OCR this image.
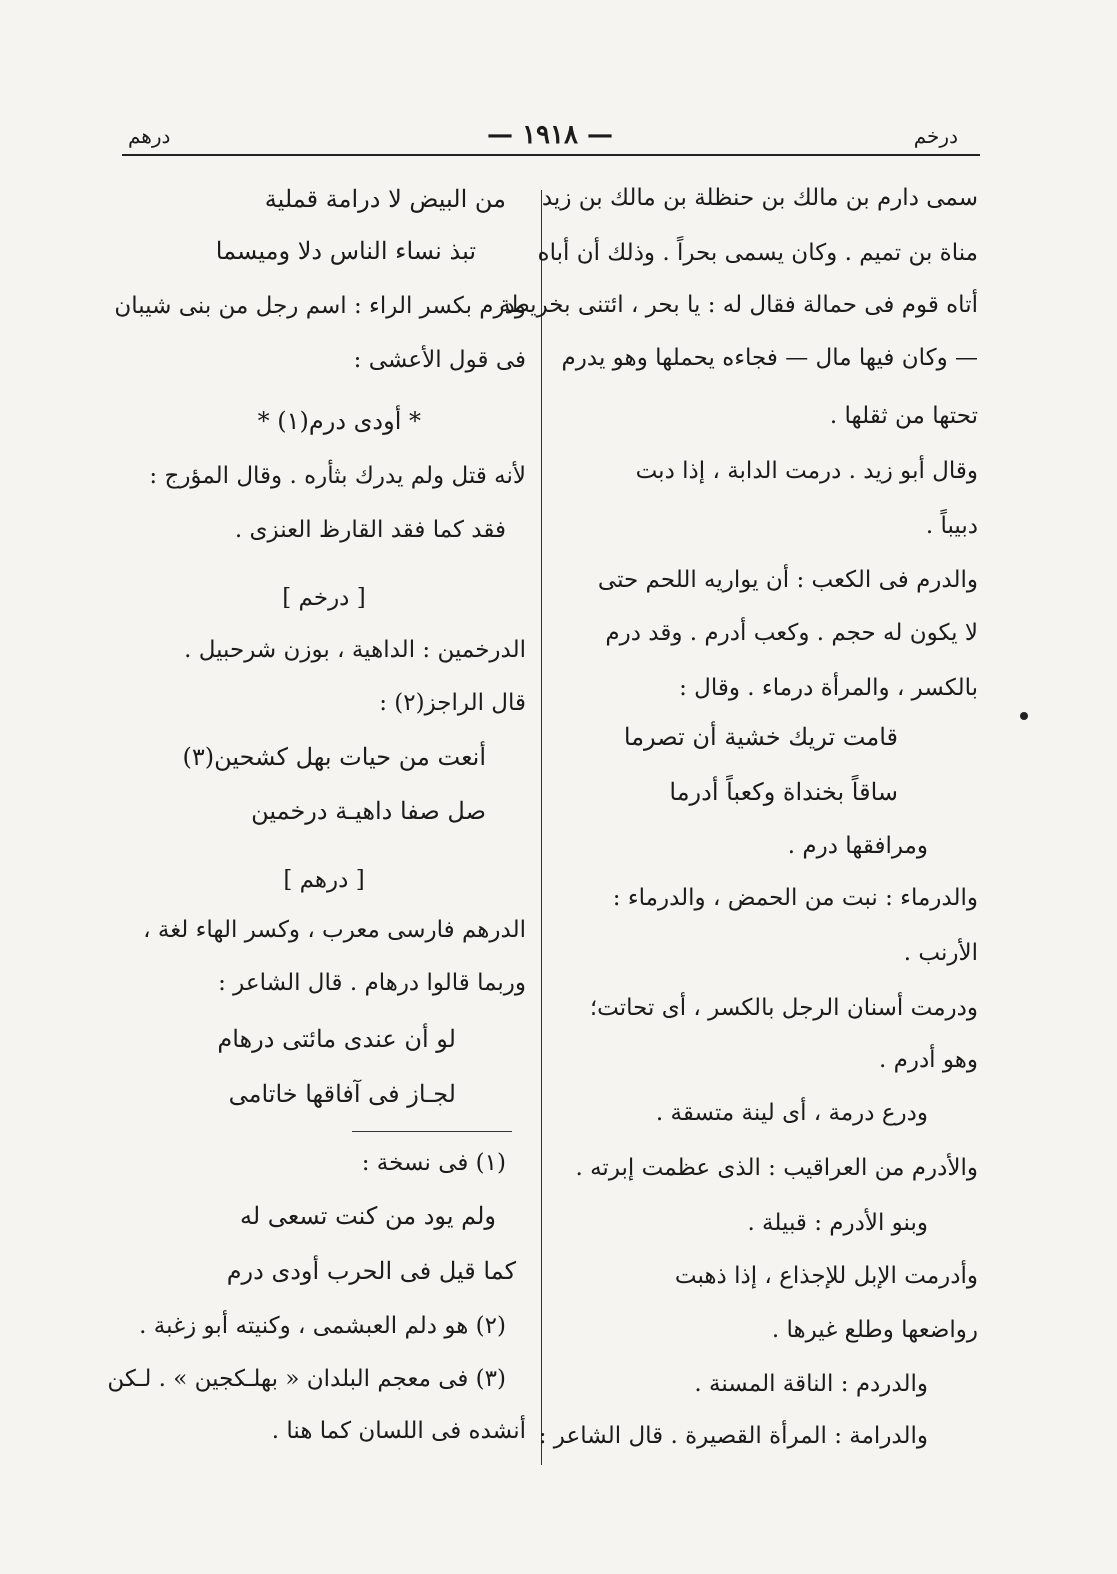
درهم	— ١٩١٨ —	درخم
سمى دارم بن مالك بن حنظلة بن مالك بن زيد
مناة بن تميم . وكان يسمى بحراً . وذلك أن أباه
أتاه قوم فى حمالة فقال له : يا بحر ، ائتنى بخريطة
— وكان فيها مال — فجاءه يحملها وهو يدرم
تحتها من ثقلها .
وقال أبو زيد . درمت الدابة ، إذا دبت
دبيباً .
والدرم فى الكعب : أن يواريه اللحم حتى
لا يكون له حجم . وكعب أدرم . وقد درم
بالكسر ، والمرأة درماء . وقال :
قامت تريك خشية أن تصرما
ساقاً بخنداة وكعباً أدرما
ومرافقها درم .
والدرماء : نبت من الحمض ، والدرماء :
الأرنب .
ودرمت أسنان الرجل بالكسر ، أى تحاتت؛
وهو أدرم .
ودرع درمة ، أى لينة متسقة .
والأدرم من العراقيب : الذى عظمت إبرته .
وبنو الأدرم : قبيلة .
وأدرمت الإبل للإجذاع ، إذا ذهبت
رواضعها وطلع غيرها .
والدردم : الناقة المسنة .
والدرامة : المرأة القصيرة . قال الشاعر :
من البيض لا درامة قملية
تبذ نساء الناس دلا وميسما
ودرم بكسر الراء : اسم رجل من بنى شيبان
فى قول الأعشى :
* أودى درم(١) *
لأنه قتل ولم يدرك بثأره . وقال المؤرج :
فقد كما فقد القارظ العنزى .
[ درخم ]
الدرخمين : الداهية ، بوزن شرحبيل .
قال الراجز(٢) :
أنعت من حيات بهل كشحين(٣)
صل صفا داهيـة درخمين
[ درهم ]
الدرهم فارسى معرب ، وكسر الهاء لغة ،
وربما قالوا درهام . قال الشاعر :
لو أن عندى مائتى درهام
لجـاز فى آفاقها خاتامى
(١) فى نسخة :
ولم يود من كنت تسعى له
كما قيل فى الحرب أودى درم
(٢) هو دلم العبشمى ، وكنيته أبو زغبة .
(٣) فى معجم البلدان « بهلـكجين » . لـكن
أنشده فى اللسان كما هنا .
